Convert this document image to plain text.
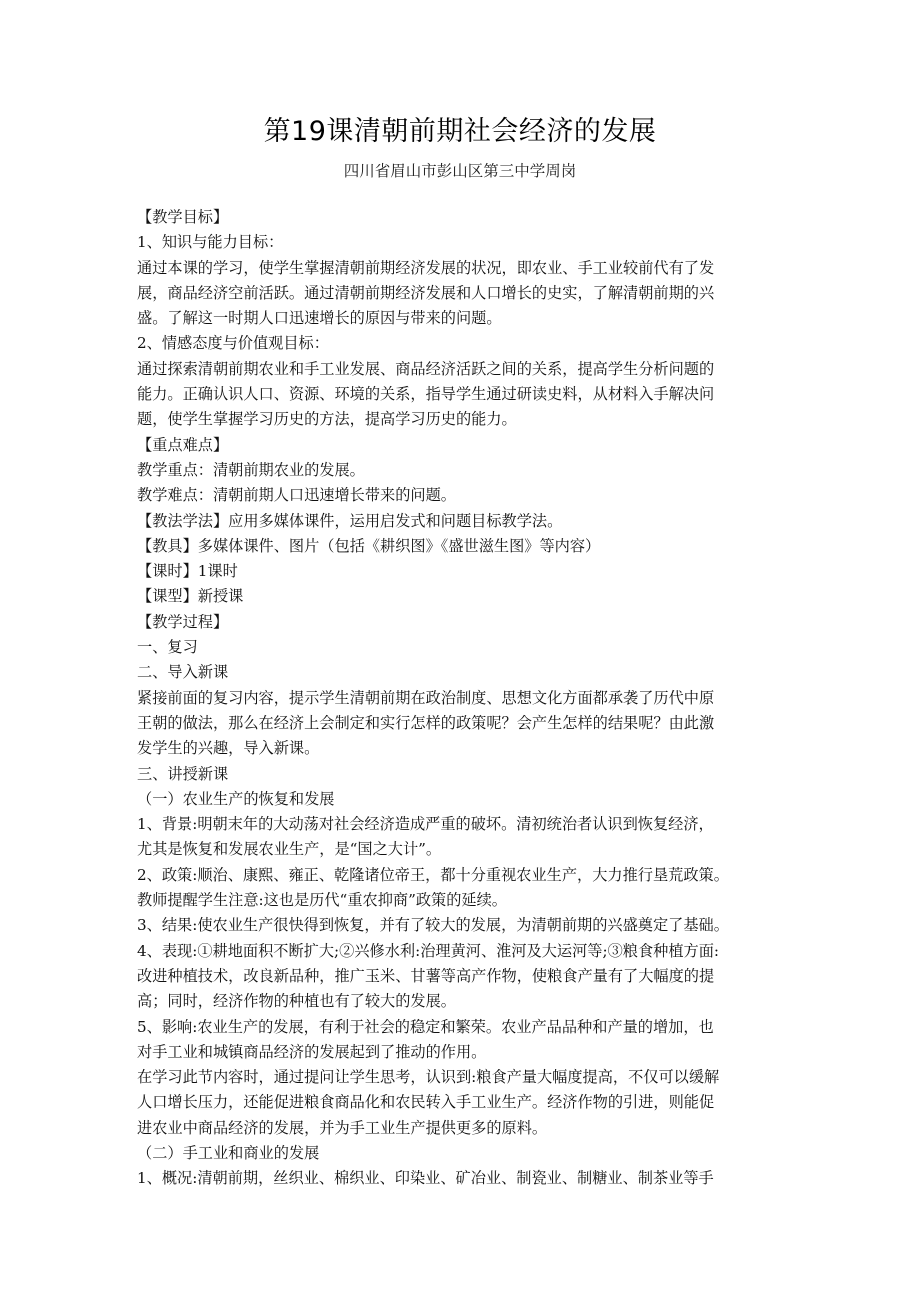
第19课清朝前期社会经济的发展
四川省眉山市彭山区第三中学周岗
【教学目标】
1、知识与能力目标：
通过本课的学习，使学生掌握清朝前期经济发展的状况，即农业、手工业较前代有了发
展，商品经济空前活跃。通过清朝前期经济发展和人口增长的史实，了解清朝前期的兴
盛。了解这一时期人口迅速增长的原因与带来的问题。
2、情感态度与价值观目标：
通过探索清朝前期农业和手工业发展、商品经济活跃之间的关系，提高学生分析问题的
能力。正确认识人口、资源、环境的关系，指导学生通过研读史料，从材料入手解决问
题，使学生掌握学习历史的方法，提高学习历史的能力。
【重点难点】
教学重点：清朝前期农业的发展。
教学难点：清朝前期人口迅速增长带来的问题。
【教法学法】应用多媒体课件，运用启发式和问题目标教学法。
【教具】多媒体课件、图片（包括《耕织图》《盛世滋生图》等内容）
【课时】1课时
【课型】新授课
【教学过程】
一、复习
二、导入新课
紧接前面的复习内容，提示学生清朝前期在政治制度、思想文化方面都承袭了历代中原
王朝的做法，那么在经济上会制定和实行怎样的政策呢？会产生怎样的结果呢？由此激
发学生的兴趣，导入新课。
三、讲授新课
（一）农业生产的恢复和发展
1、背景:明朝末年的大动荡对社会经济造成严重的破坏。清初统治者认识到恢复经济，
尤其是恢复和发展农业生产，是“国之大计”。
2、政策:顺治、康熙、雍正、乾隆诸位帝王，都十分重视农业生产，大力推行垦荒政策。
教师提醒学生注意:这也是历代“重农抑商”政策的延续。
3、结果:使农业生产很快得到恢复，并有了较大的发展，为清朝前期的兴盛奠定了基础。
4、表现:①耕地面积不断扩大;②兴修水利:治理黄河、淮河及大运河等;③粮食种植方面:
改进种植技术，改良新品种，推广玉米、甘薯等高产作物，使粮食产量有了大幅度的提
高；同时，经济作物的种植也有了较大的发展。
5、影响:农业生产的发展，有利于社会的稳定和繁荣。农业产品品种和产量的增加，也
对手工业和城镇商品经济的发展起到了推动的作用。
在学习此节内容时，通过提问让学生思考，认识到:粮食产量大幅度提高，不仅可以缓解
人口增长压力，还能促进粮食商品化和农民转入手工业生产。经济作物的引进，则能促
进农业中商品经济的发展，并为手工业生产提供更多的原料。
（二）手工业和商业的发展
1、概况:清朝前期，丝织业、棉织业、印染业、矿冶业、制瓷业、制糖业、制茶业等手
